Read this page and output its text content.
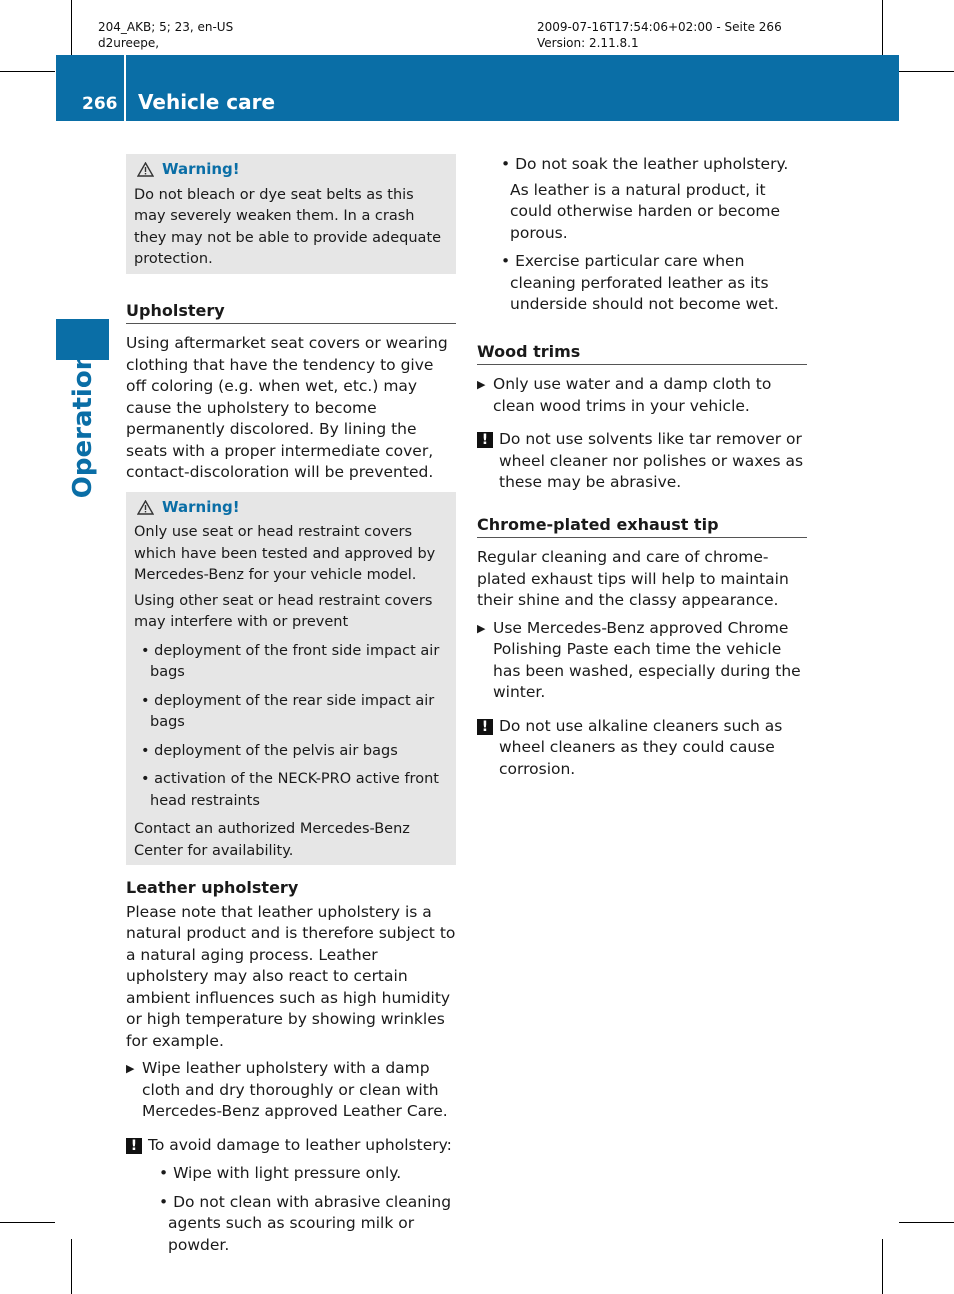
204_AKB; 5; 23, en-US
d2ureepe,
2009-07-16T17:54:06+02:00 - Seite 266
Version: 2.11.8.1
266 Vehicle care
Operation
Warning!

Do not bleach or dye seat belts as this may severely weaken them. In a crash they may not be able to provide adequate protection.

Upholstery

Using aftermarket seat covers or wearing clothing that have the tendency to give off coloring (e.g. when wet, etc.) may cause the upholstery to become permanently discolored. By lining the seats with a proper intermediate cover, contact-discoloration will be prevented.

Warning!

Only use seat or head restraint covers which have been tested and approved by Mercedes-Benz for your vehicle model.

Using other seat or head restraint covers may interfere with or prevent

• deployment of the front side impact air bags
• deployment of the rear side impact air bags
• deployment of the pelvis air bags
• activation of the NECK-PRO active front head restraints

Contact an authorized Mercedes-Benz Center for availability.

Leather upholstery

Please note that leather upholstery is a natural product and is therefore subject to a natural aging process. Leather upholstery may also react to certain ambient influences such as high humidity or high temperature by showing wrinkles for example.

▶ Wipe leather upholstery with a damp cloth and dry thoroughly or clean with Mercedes-Benz approved Leather Care.
! To avoid damage to leather upholstery:
• Wipe with light pressure only.
• Do not clean with abrasive cleaning agents such as scouring milk or powder.
• Do not soak the leather upholstery.
As leather is a natural product, it could otherwise harden or become porous.
• Exercise particular care when cleaning perforated leather as its underside should not become wet.
Wood trims
▶ Only use water and a damp cloth to clean wood trims in your vehicle.
! Do not use solvents like tar remover or wheel cleaner nor polishes or waxes as these may be abrasive.
Chrome-plated exhaust tip

Regular cleaning and care of chrome-plated exhaust tips will help to maintain their shine and the classy appearance.

▶ Use Mercedes-Benz approved Chrome Polishing Paste each time the vehicle has been washed, especially during the winter.
! Do not use alkaline cleaners such as wheel cleaners as they could cause corrosion.
